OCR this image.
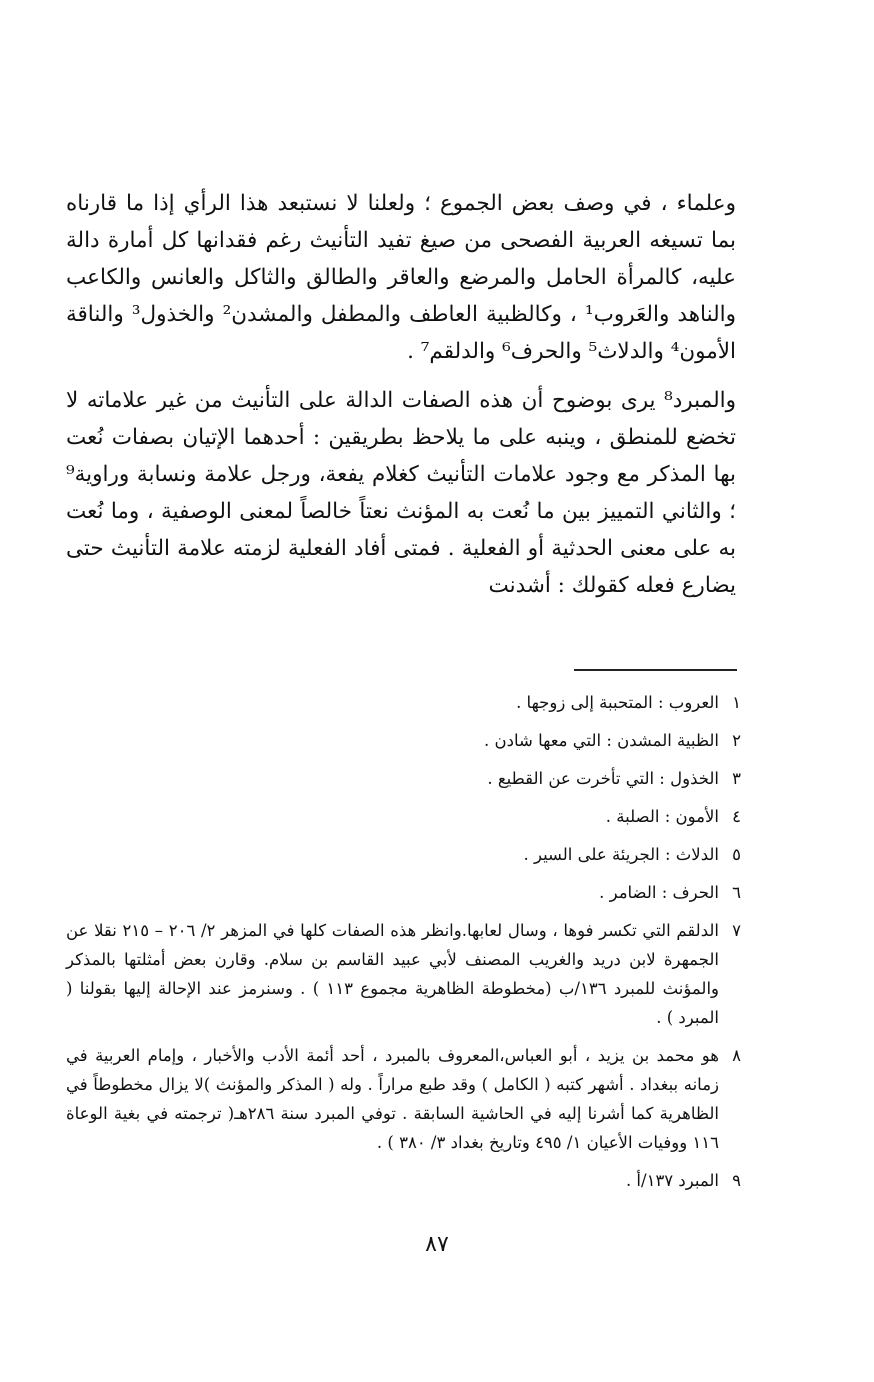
وعلماء ، في وصف بعض الجموع ؛ ولعلنا لا نستبعد هذا الرأي إذا ما قارناه بما تسيغه العربية الفصحى من صيغ تفيد التأنيث رغم فقدانها كل أمارة دالة عليه، كالمرأة الحامل والمرضع والعاقر والطالق والثاكل والعانس والكاعب والناهد والعَروب¹ ، وكالظبية العاطف والمطفل والمشدن² والخذول³ والناقة الأمون⁴ والدلاث⁵ والحرف⁶ والدلقم⁷ .

والمبرد⁸ يرى بوضوح أن هذه الصفات الدالة على التأنيث من غير علاماته لا تخضع للمنطق ، وينبه على ما يلاحظ بطريقين : أحدهما الإتيان بصفات نُعت بها المذكر مع وجود علامات التأنيث كغلام يفعة، ورجل علامة ونسابة وراوية⁹ ؛ والثاني التمييز بين ما نُعت به المؤنث نعتاً خالصاً لمعنى الوصفية ، وما نُعت به على معنى الحدثية أو الفعلية . فمتى أفاد الفعلية لزمته علامة التأنيث حتى يضارع فعله كقولك : أشدنت

١
العروب : المتحببة إلى زوجها .
٢
الظبية المشدن : التي معها شادن .
٣
الخذول : التي تأخرت عن القطيع .
٤
الأمون : الصلبة .
٥
الدلاث : الجريئة على السير .
٦
الحرف : الضامر .
٧
الدلقم التي تكسر فوها ، وسال لعابها.وانظر هذه الصفات كلها في المزهر ٢/ ٢٠٦ – ٢١٥ نقلا عن الجمهرة لابن دريد والغريب المصنف لأبي عبيد القاسم بن سلام. وقارن بعض أمثلتها بالمذكر والمؤنث للمبرد ١٣٦/ب (مخطوطة الظاهرية مجموع ١١٣ ) . وسنرمز عند الإحالة إليها بقولنا ( المبرد ) .
٨
هو محمد بن يزيد ، أبو العباس،المعروف بالمبرد ، أحد أئمة الأدب والأخبار ، وإمام العربية في زمانه ببغداد . أشهر كتبه ( الكامل ) وقد طبع مراراً . وله ( المذكر والمؤنث )لا يزال مخطوطاً في الظاهرية كما أشرنا إليه في الحاشية السابقة . توفي المبرد سنة ٢٨٦هـ( ترجمته في بغية الوعاة ١١٦ ووفيات الأعيان ١/ ٤٩٥ وتاريخ بغداد ٣/ ٣٨٠ ) .
٩
المبرد ١٣٧/أ .
٨٧
